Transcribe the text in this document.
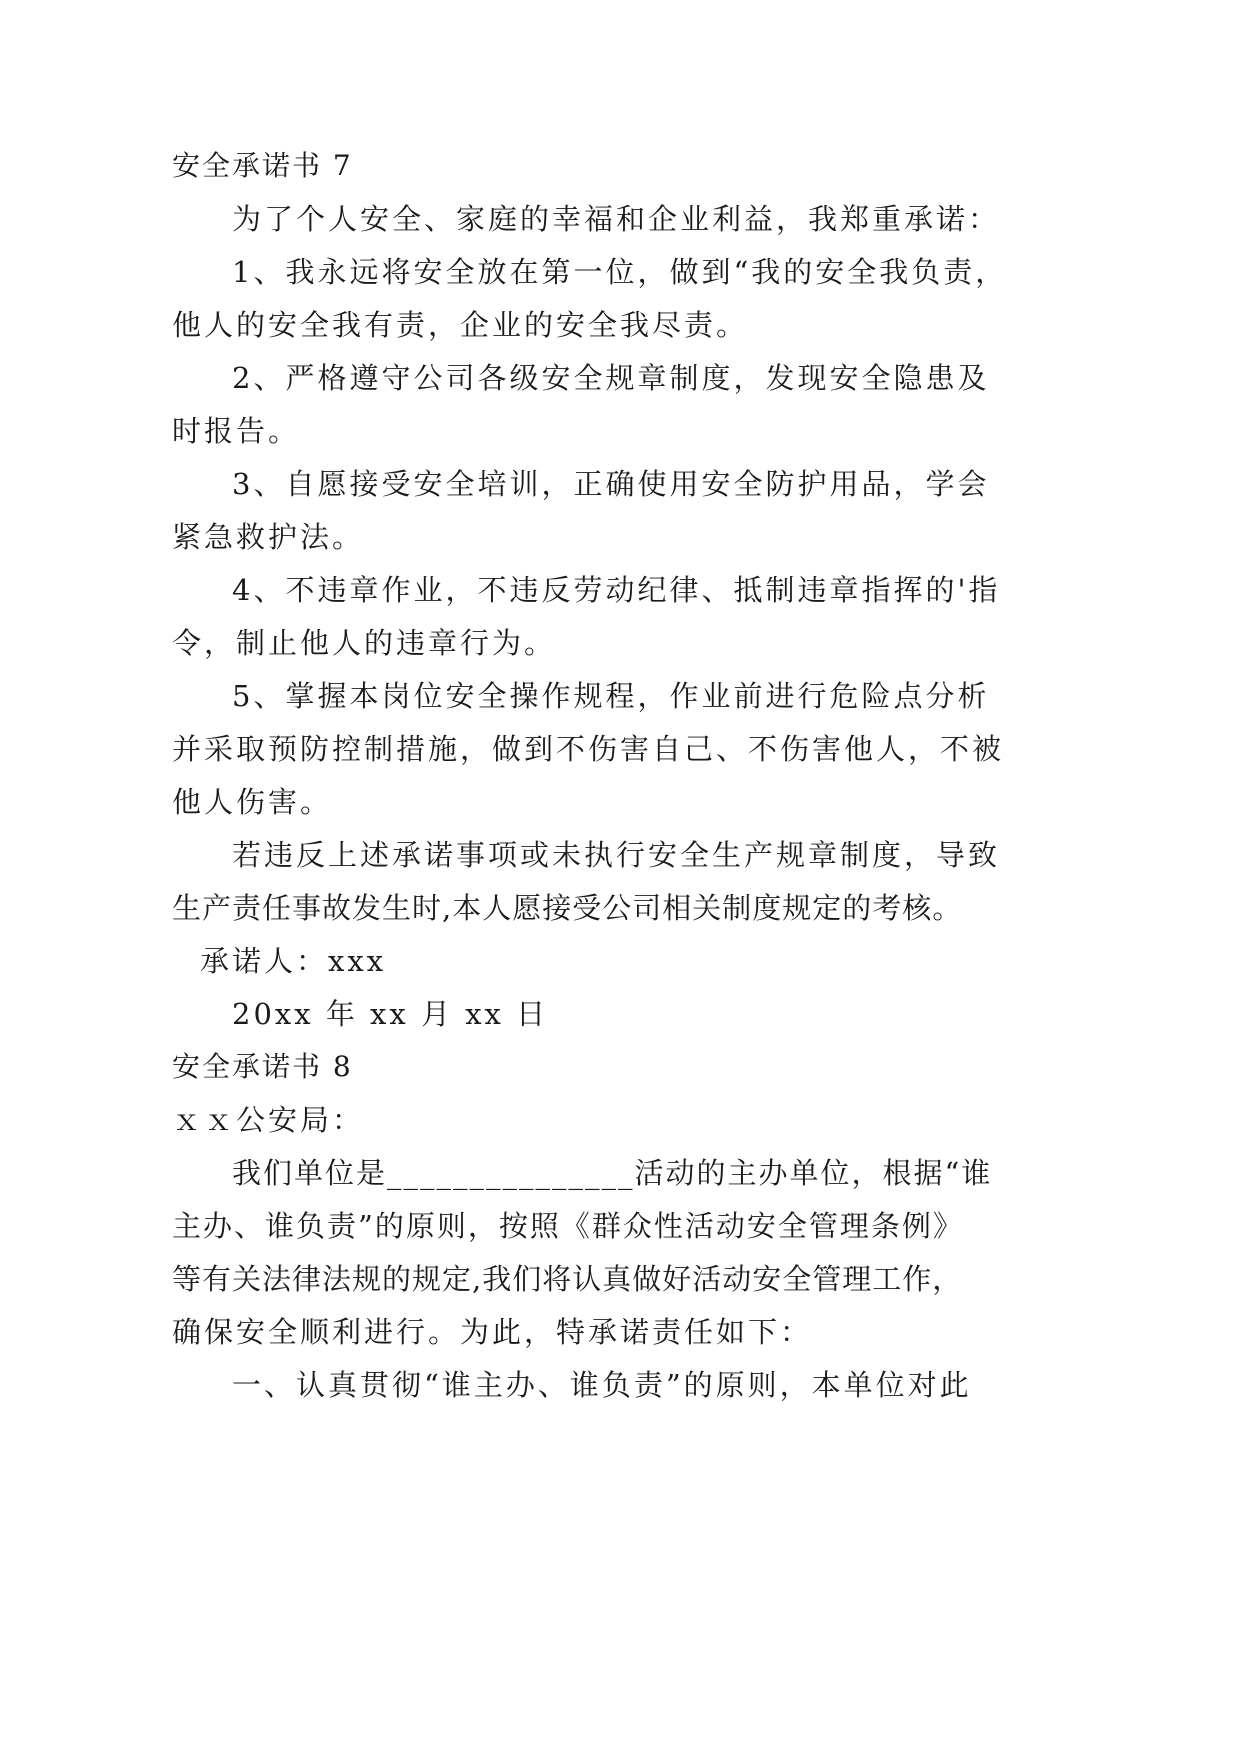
安全承诺书 7

为了个人安全、家庭的幸福和企业利益，我郑重承诺：

1、我永远将安全放在第一位，做到“我的安全我负责，

他人的安全我有责，企业的安全我尽责。

2、严格遵守公司各级安全规章制度，发现安全隐患及

时报告。

3、自愿接受安全培训，正确使用安全防护用品，学会

紧急救护法。

4、不违章作业，不违反劳动纪律、抵制违章指挥的'指

令，制止他人的违章行为。

5、掌握本岗位安全操作规程，作业前进行危险点分析

并采取预防控制措施，做到不伤害自己、不伤害他人，不被

他人伤害。

若违反上述承诺事项或未执行安全生产规章制度，导致

生产责任事故发生时,本人愿接受公司相关制度规定的考核。

承诺人：xxx

20xx 年 xx 月 xx 日

安全承诺书 8

ｘｘ公安局：

我们单位是_______________活动的主办单位，根据“谁

主办、谁负责”的原则，按照《群众性活动安全管理条例》

等有关法律法规的规定,我们将认真做好活动安全管理工作，

确保安全顺利进行。为此，特承诺责任如下：

一、认真贯彻“谁主办、谁负责”的原则，本单位对此
